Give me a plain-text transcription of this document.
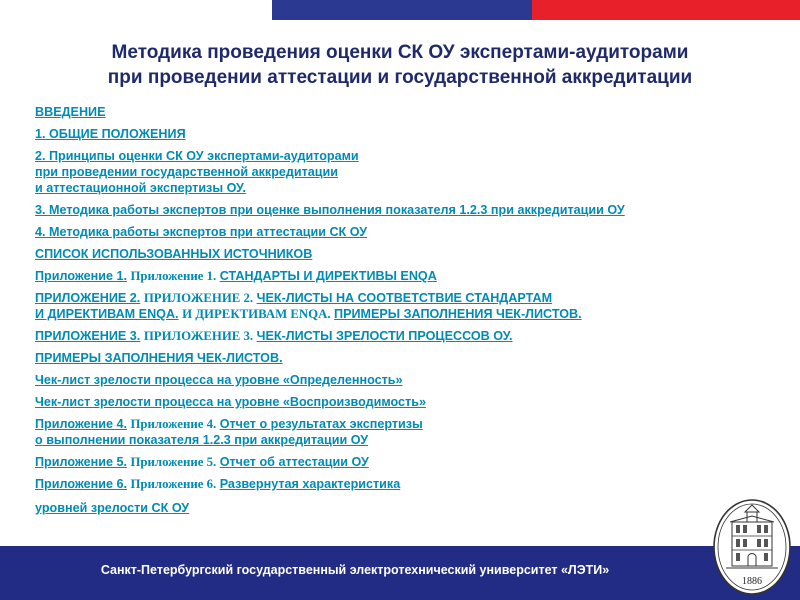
Методика проведения оценки СК ОУ экспертами-аудиторами
при проведении аттестации и государственной аккредитации
ВВЕДЕНИЕ
1. ОБЩИЕ ПОЛОЖЕНИЯ
2. Принципы оценки СК ОУ экспертами-аудиторами
при проведении государственной аккредитации
и аттестационной экспертизы ОУ.
3. Методика работы экспертов при оценке выполнения показателя 1.2.3 при аккредитации ОУ
4. Методика работы экспертов при аттестации СК ОУ
СПИСОК ИСПОЛЬЗОВАННЫХ ИСТОЧНИКОВ
Приложение 1. Приложение 1. СТАНДАРТЫ И ДИРЕКТИВЫ ENQA
ПРИЛОЖЕНИЕ 2. ПРИЛОЖЕНИЕ 2. ЧЕК-ЛИСТЫ НА СООТВЕТСТВИЕ СТАНДАРТАМ
И ДИРЕКТИВАМ ENQA. И ДИРЕКТИВАМ ENQA. ПРИМЕРЫ ЗАПОЛНЕНИЯ ЧЕК-ЛИСТОВ.
ПРИЛОЖЕНИЕ 3. ПРИЛОЖЕНИЕ 3. ЧЕК-ЛИСТЫ ЗРЕЛОСТИ ПРОЦЕССОВ ОУ.
ПРИМЕРЫ ЗАПОЛНЕНИЯ ЧЕК-ЛИСТОВ.
Чек-лист зрелости процесса на уровне «Определенность»
Чек-лист зрелости процесса на уровне «Воспроизводимость»
Приложение 4. Приложение 4. Отчет о результатах экспертизы
о выполнении показателя 1.2.3 при аккредитации ОУ
Приложение 5. Приложение 5. Отчет об аттестации ОУ
Приложение 6. Приложение 6. Развернутая характеристика
уровней зрелости СК ОУ
Санкт-Петербургский государственный электротехнический университет «ЛЭТИ»
1886
